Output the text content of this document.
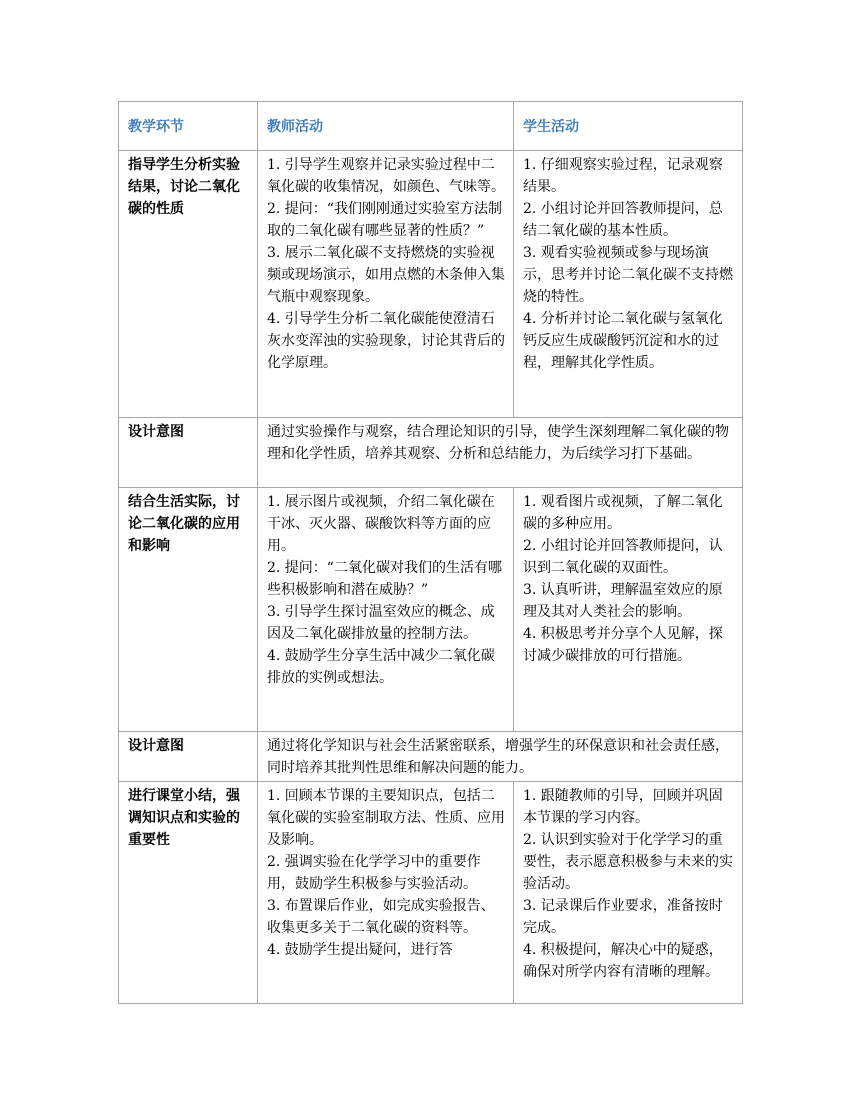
教学环节	教师活动	学生活动
指导学生分析实验结果，讨论二氧化碳的性质	1. 引导学生观察并记录实验过程中二氧化碳的收集情况，如颜色、气味等。
2. 提问：“我们刚刚通过实验室方法制取的二氧化碳有哪些显著的性质？”
3. 展示二氧化碳不支持燃烧的实验视频或现场演示，如用点燃的木条伸入集气瓶中观察现象。
4. 引导学生分析二氧化碳能使澄清石灰水变浑浊的实验现象，讨论其背后的化学原理。	1. 仔细观察实验过程，记录观察结果。
2. 小组讨论并回答教师提问，总结二氧化碳的基本性质。
3. 观看实验视频或参与现场演示，思考并讨论二氧化碳不支持燃烧的特性。
4. 分析并讨论二氧化碳与氢氧化钙反应生成碳酸钙沉淀和水的过程，理解其化学性质。

设计意图	通过实验操作与观察，结合理论知识的引导，使学生深刻理解二氧化碳的物理和化学性质，培养其观察、分析和总结能力，为后续学习打下基础。	
结合生活实际，讨论二氧化碳的应用和影响	1. 展示图片或视频，介绍二氧化碳在干冰、灭火器、碳酸饮料等方面的应用。
2. 提问：“二氧化碳对我们的生活有哪些积极影响和潜在威胁？”
3. 引导学生探讨温室效应的概念、成因及二氧化碳排放量的控制方法。
4. 鼓励学生分享生活中减少二氧化碳排放的实例或想法。	1. 观看图片或视频，了解二氧化碳的多种应用。
2. 小组讨论并回答教师提问，认识到二氧化碳的双面性。
3. 认真听讲，理解温室效应的原理及其对人类社会的影响。
4. 积极思考并分享个人见解，探讨减少碳排放的可行措施。

设计意图	通过将化学知识与社会生活紧密联系，增强学生的环保意识和社会责任感，同时培养其批判性思维和解决问题的能力。	
进行课堂小结，强调知识点和实验的重要性	1. 回顾本节课的主要知识点，包括二氧化碳的实验室制取方法、性质、应用及影响。
2. 强调实验在化学学习中的重要作用，鼓励学生积极参与实验活动。
3. 布置课后作业，如完成实验报告、收集更多关于二氧化碳的资料等。
4. 鼓励学生提出疑问，进行答	1. 跟随教师的引导，回顾并巩固本节课的学习内容。
2. 认识到实验对于化学学习的重要性，表示愿意积极参与未来的实验活动。
3. 记录课后作业要求，准备按时完成。
4. 积极提问，解决心中的疑惑，确保对所学内容有清晰的理解。
